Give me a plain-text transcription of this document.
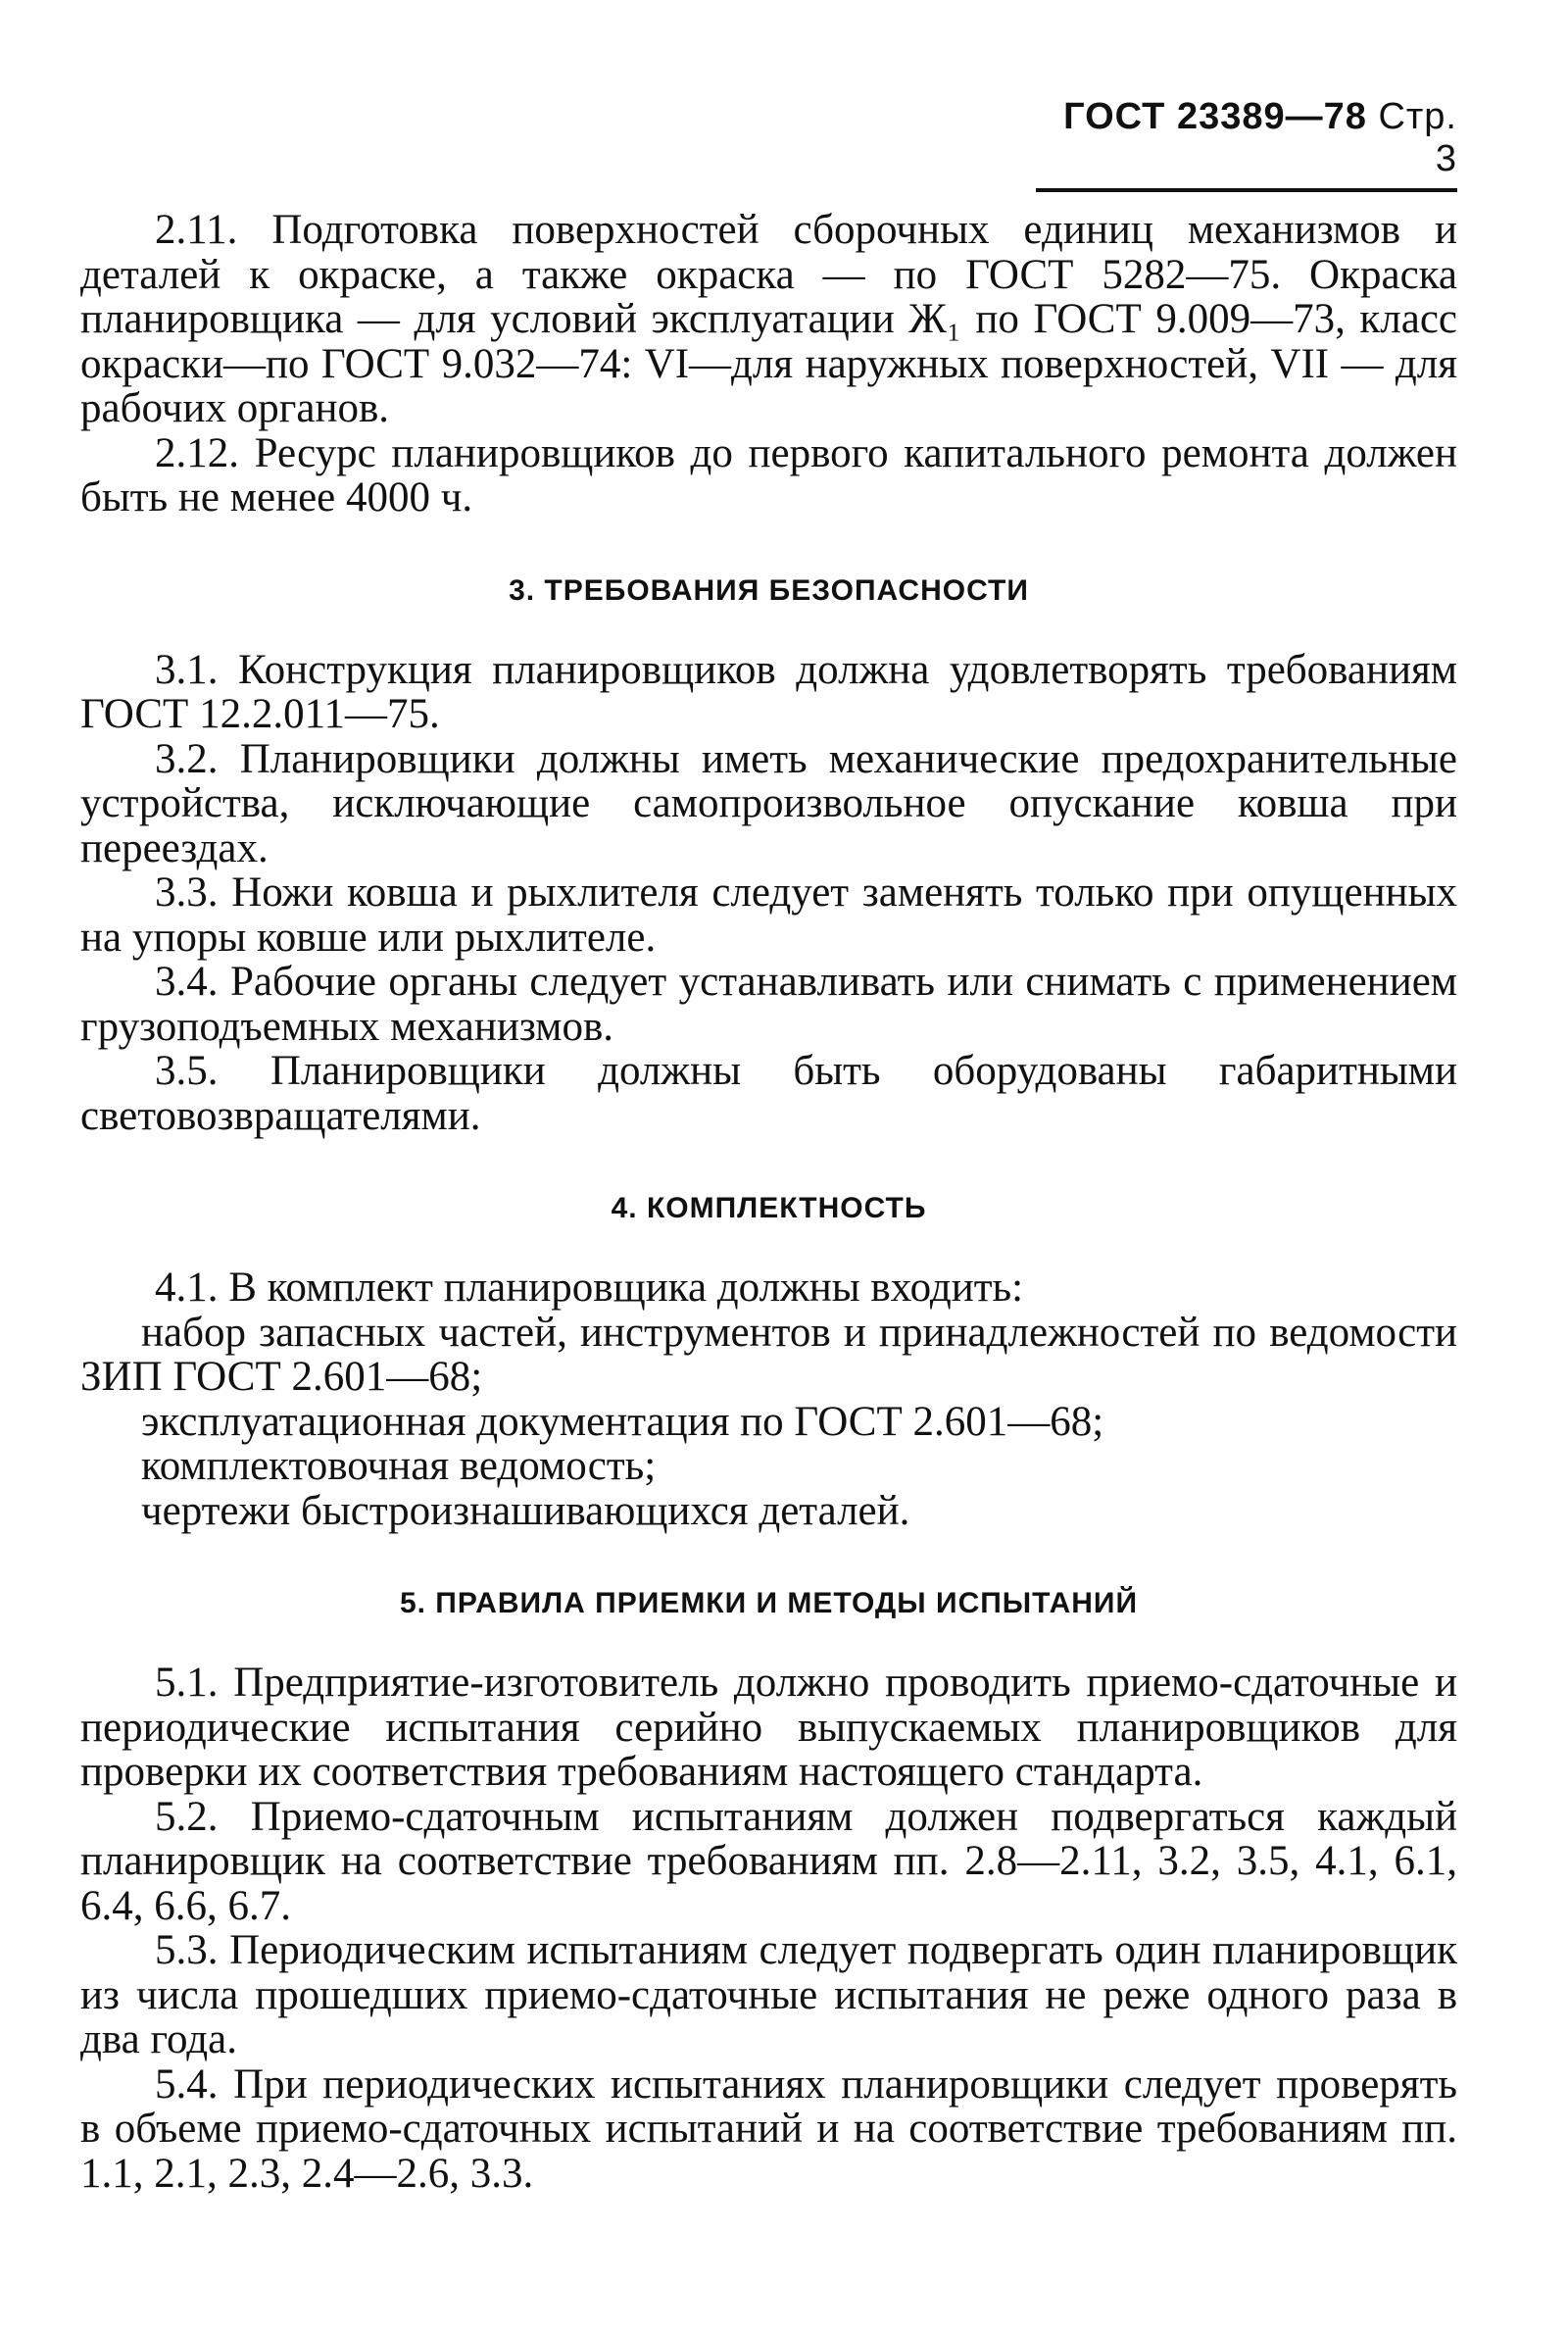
ГОСТ 23389—78 Стр. 3

2.11. Подготовка поверхностей сборочных единиц механизмов и деталей к окраске, а также окраска — по ГОСТ 5282—75. Окраска планировщика — для условий эксплуатации Ж₁ по ГОСТ 9.009—73, класс окраски—по ГОСТ 9.032—74: VI—для наружных поверхностей, VII — для рабочих органов.

2.12. Ресурс планировщиков до первого капитального ремонта должен быть не менее 4000 ч.

3. ТРЕБОВАНИЯ БЕЗОПАСНОСТИ

3.1. Конструкция планировщиков должна удовлетворять требованиям ГОСТ 12.2.011—75.

3.2. Планировщики должны иметь механические предохранительные устройства, исключающие самопроизвольное опускание ковша при переездах.

3.3. Ножи ковша и рыхлителя следует заменять только при опущенных на упоры ковше или рыхлителе.

3.4. Рабочие органы следует устанавливать или снимать с применением грузоподъемных механизмов.

3.5. Планировщики должны быть оборудованы габаритными световозвращателями.

4. КОМПЛЕКТНОСТЬ

4.1. В комплект планировщика должны входить:

набор запасных частей, инструментов и принадлежностей по ведомости ЗИП ГОСТ 2.601—68;

эксплуатационная документация по ГОСТ 2.601—68;

комплектовочная ведомость;

чертежи быстроизнашивающихся деталей.

5. ПРАВИЛА ПРИЕМКИ И МЕТОДЫ ИСПЫТАНИЙ

5.1. Предприятие-изготовитель должно проводить приемо-сдаточные и периодические испытания серийно выпускаемых планировщиков для проверки их соответствия требованиям настоящего стандарта.

5.2. Приемо-сдаточным испытаниям должен подвергаться каждый планировщик на соответствие требованиям пп. 2.8—2.11, 3.2, 3.5, 4.1, 6.1, 6.4, 6.6, 6.7.

5.3. Периодическим испытаниям следует подвергать один планировщик из числа прошедших приемо-сдаточные испытания не реже одного раза в два года.

5.4. При периодических испытаниях планировщики следует проверять в объеме приемо-сдаточных испытаний и на соответствие требованиям пп. 1.1, 2.1, 2.3, 2.4—2.6, 3.3.
